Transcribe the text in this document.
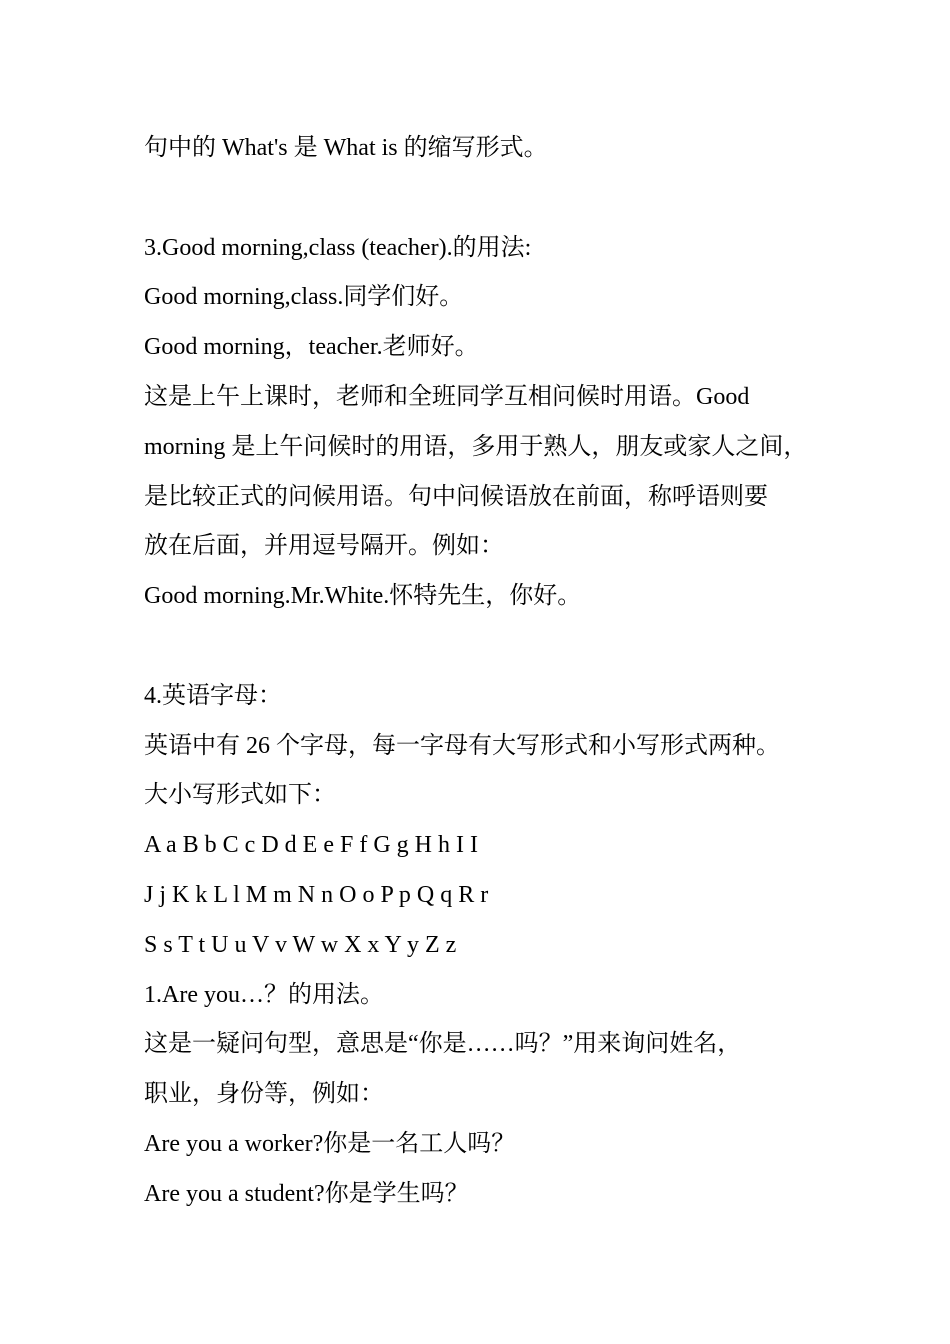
句中的 What's 是 What is 的缩写形式。
3.Good morning,class (teacher).的用法:
Good morning,class.同学们好。
Good morning，teacher.老师好。
这是上午上课时，老师和全班同学互相问候时用语。Good
morning 是上午问候时的用语，多用于熟人，朋友或家人之间，
是比较正式的问候用语。句中问候语放在前面，称呼语则要
放在后面，并用逗号隔开。例如：
Good morning.Mr.White.怀特先生，你好。
4.英语字母：
英语中有 26 个字母，每一字母有大写形式和小写形式两种。
大小写形式如下：
A a B b C c D d E e F f G g H h I I
J j K k L l M m N n O o P p Q q R r
S s T t U u V v W w X x Y y Z z
1.Are you…？的用法。
这是一疑问句型，意思是“你是……吗？”用来询问姓名，
职业，身份等，例如：
Are you a worker?你是一名工人吗？
Are you a student?你是学生吗？
